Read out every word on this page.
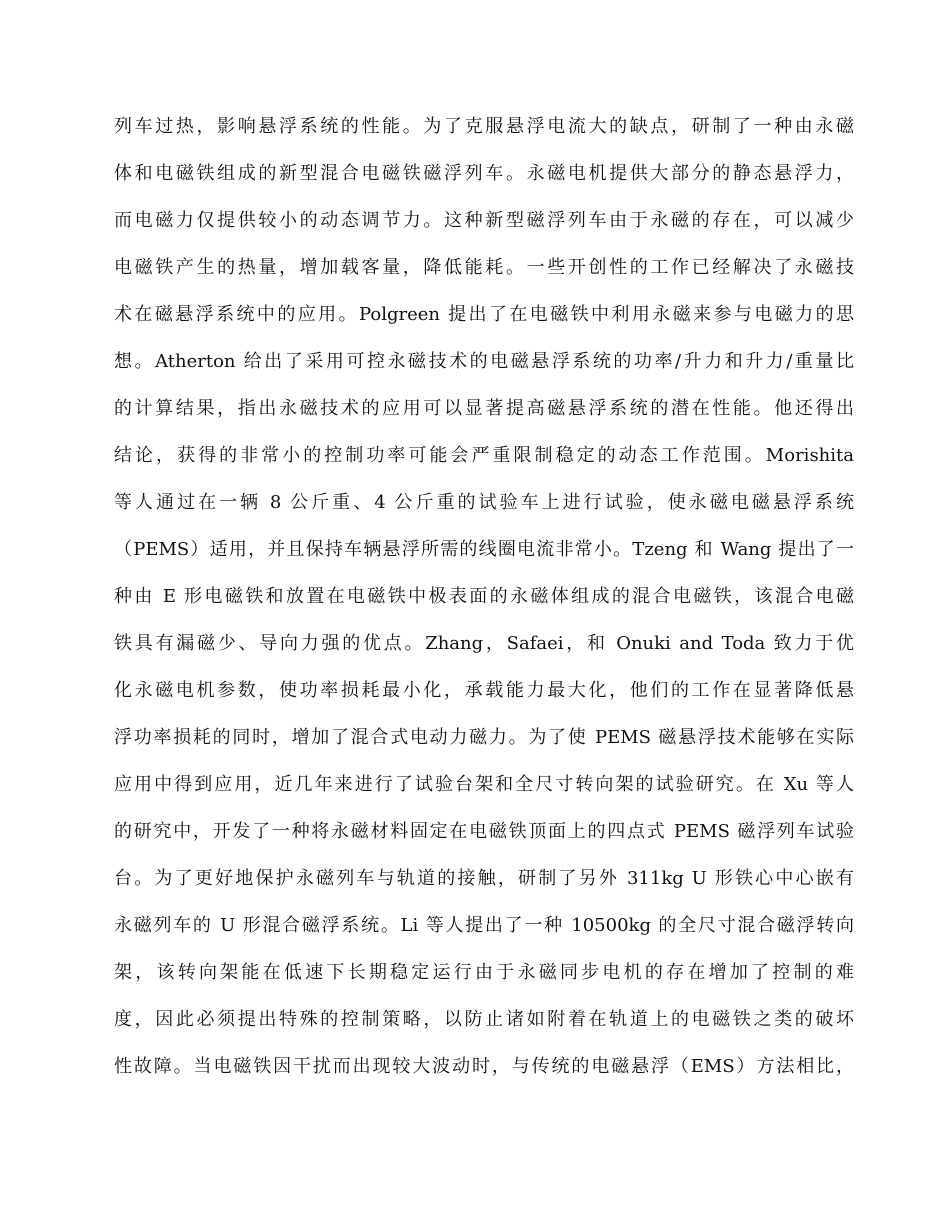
列车过热，影响悬浮系统的性能。为了克服悬浮电流大的缺点，研制了一种由永磁
体和电磁铁组成的新型混合电磁铁磁浮列车。永磁电机提供大部分的静态悬浮力，
而电磁力仅提供较小的动态调节力。这种新型磁浮列车由于永磁的存在，可以减少
电磁铁产生的热量，增加载客量，降低能耗。一些开创性的工作已经解决了永磁技
术在磁悬浮系统中的应用。Polgreen 提出了在电磁铁中利用永磁来参与电磁力的思
想。Atherton 给出了采用可控永磁技术的电磁悬浮系统的功率/升力和升力/重量比
的计算结果，指出永磁技术的应用可以显著提高磁悬浮系统的潜在性能。他还得出
结论，获得的非常小的控制功率可能会严重限制稳定的动态工作范围。Morishita
等人通过在一辆 8 公斤重、4 公斤重的试验车上进行试验，使永磁电磁悬浮系统
（PEMS）适用，并且保持车辆悬浮所需的线圈电流非常小。Tzeng 和 Wang 提出了一
种由 E 形电磁铁和放置在电磁铁中极表面的永磁体组成的混合电磁铁，该混合电磁
铁具有漏磁少、导向力强的优点。Zhang，Safaei，和 Onuki and Toda 致力于优
化永磁电机参数，使功率损耗最小化，承载能力最大化，他们的工作在显著降低悬
浮功率损耗的同时，增加了混合式电动力磁力。为了使 PEMS 磁悬浮技术能够在实际
应用中得到应用，近几年来进行了试验台架和全尺寸转向架的试验研究。在 Xu 等人
的研究中，开发了一种将永磁材料固定在电磁铁顶面上的四点式 PEMS 磁浮列车试验
台。为了更好地保护永磁列车与轨道的接触，研制了另外 311kg U 形铁心中心嵌有
永磁列车的 U 形混合磁浮系统。Li 等人提出了一种 10500kg 的全尺寸混合磁浮转向
架，该转向架能在低速下长期稳定运行由于永磁同步电机的存在增加了控制的难
度，因此必须提出特殊的控制策略，以防止诸如附着在轨道上的电磁铁之类的破坏
性故障。当电磁铁因干扰而出现较大波动时，与传统的电磁悬浮（EMS）方法相比，
